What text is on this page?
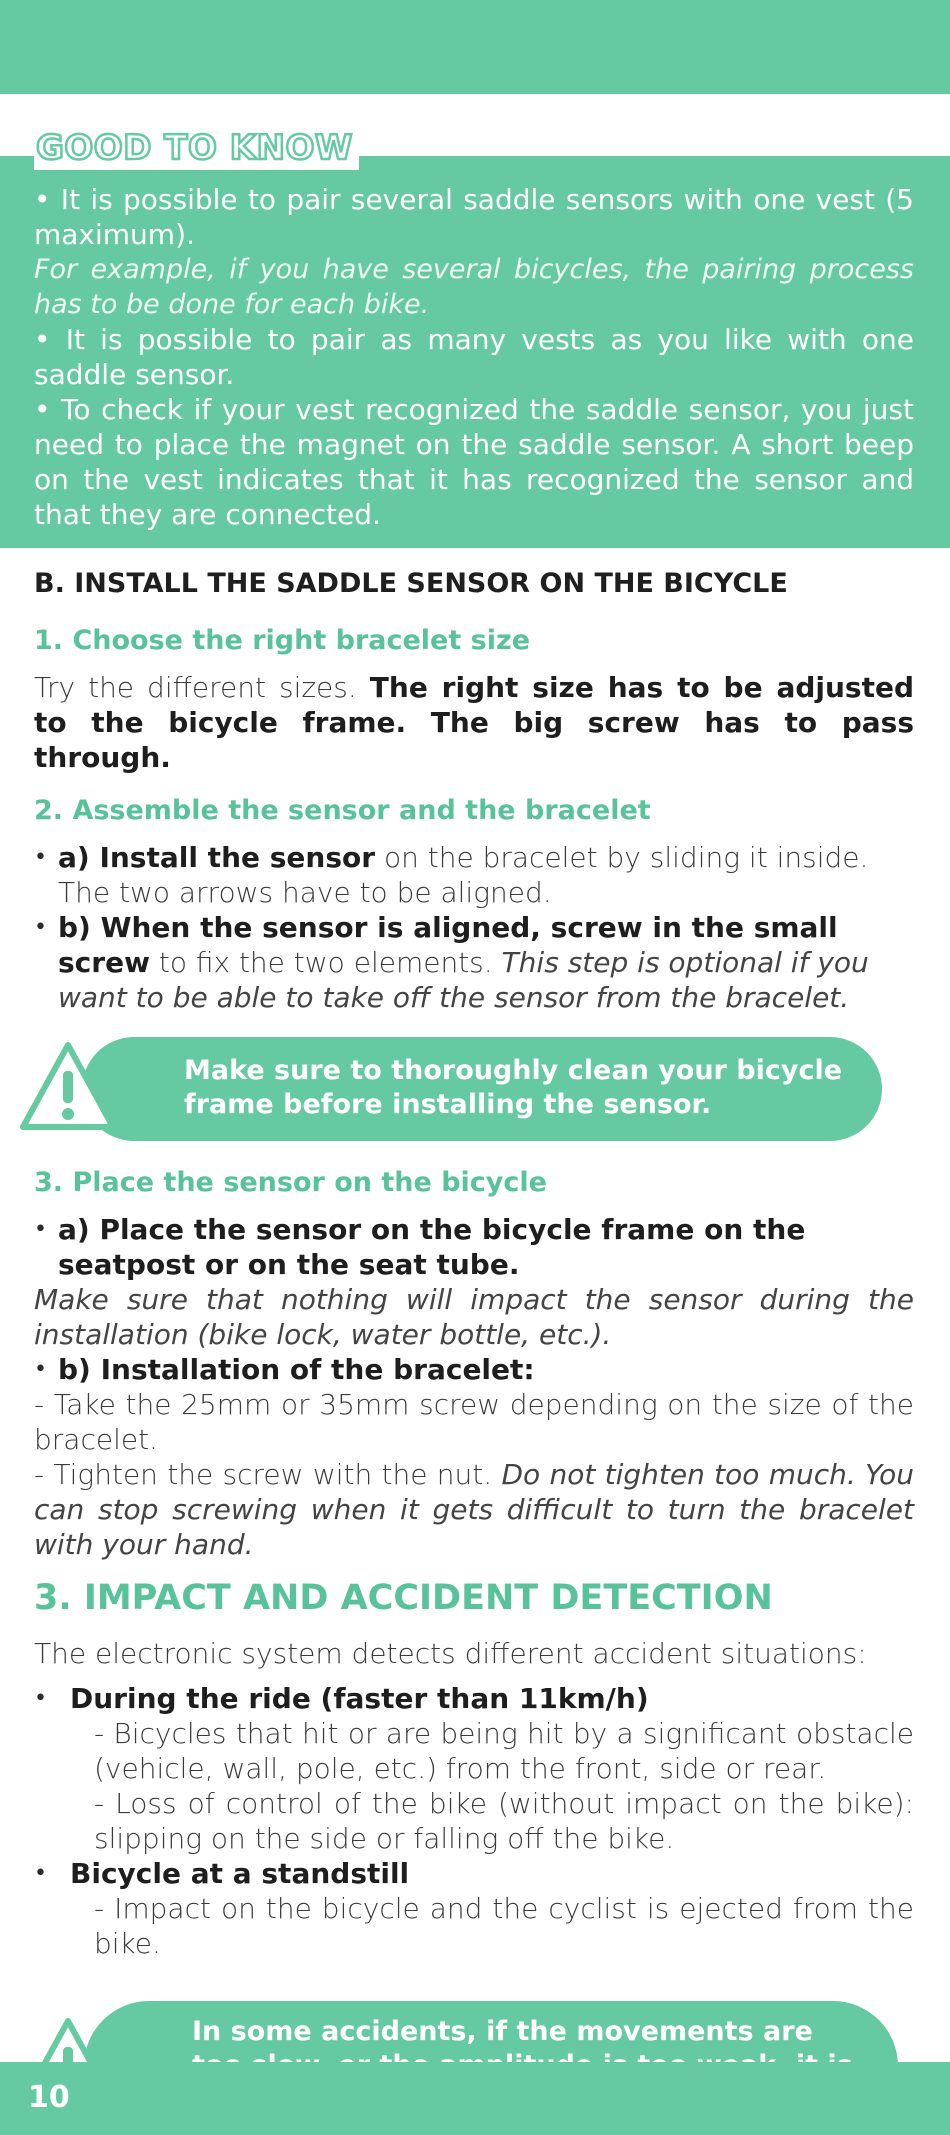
GOOD TO KNOW

• It is possible to pair several saddle sensors with one vest (5 maximum).

For example, if you have several bicycles, the pairing process has to be done for each bike.

• It is possible to pair as many vests as you like with one saddle sensor.

• To check if your vest recognized the saddle sensor, you just need to place the magnet on the saddle sensor. A short beep on the vest indicates that it has recognized the sensor and that they are connected.

B. INSTALL THE SADDLE SENSOR ON THE BICYCLE
1. Choose the right bracelet size

Try the different sizes. The right size has to be adjusted to the bicycle frame. The big screw has to pass through.

2. Assemble the sensor and the bracelet
• a) Install the sensor on the bracelet by sliding it inside. The two arrows have to be aligned.
• b) When the sensor is aligned, screw in the small screw to fix the two elements. This step is optional if you want to be able to take off the sensor from the bracelet.
Make sure to thoroughly clean your bicycle frame before installing the sensor.
3. Place the sensor on the bicycle
• a) Place the sensor on the bicycle frame on the seatpost or on the seat tube.

Make sure that nothing will impact the sensor during the installation (bike lock, water bottle, etc.).

• b) Installation of the bracelet:

- Take the 25mm or 35mm screw depending on the size of the bracelet.

- Tighten the screw with the nut. Do not tighten too much. You can stop screwing when it gets difficult to turn the bracelet with your hand.

3. IMPACT AND ACCIDENT DETECTION

The electronic system detects different accident situations:

• During the ride (faster than 11km/h)

- Bicycles that hit or are being hit by a significant obstacle (vehicle, wall, pole, etc.) from the front, side or rear.

- Loss of control of the bike (without impact on the bike): slipping on the side or falling off the bike.

• Bicycle at a standstill

- Impact on the bicycle and the cyclist is ejected from the bike.

In some accidents, if the movements are
10
